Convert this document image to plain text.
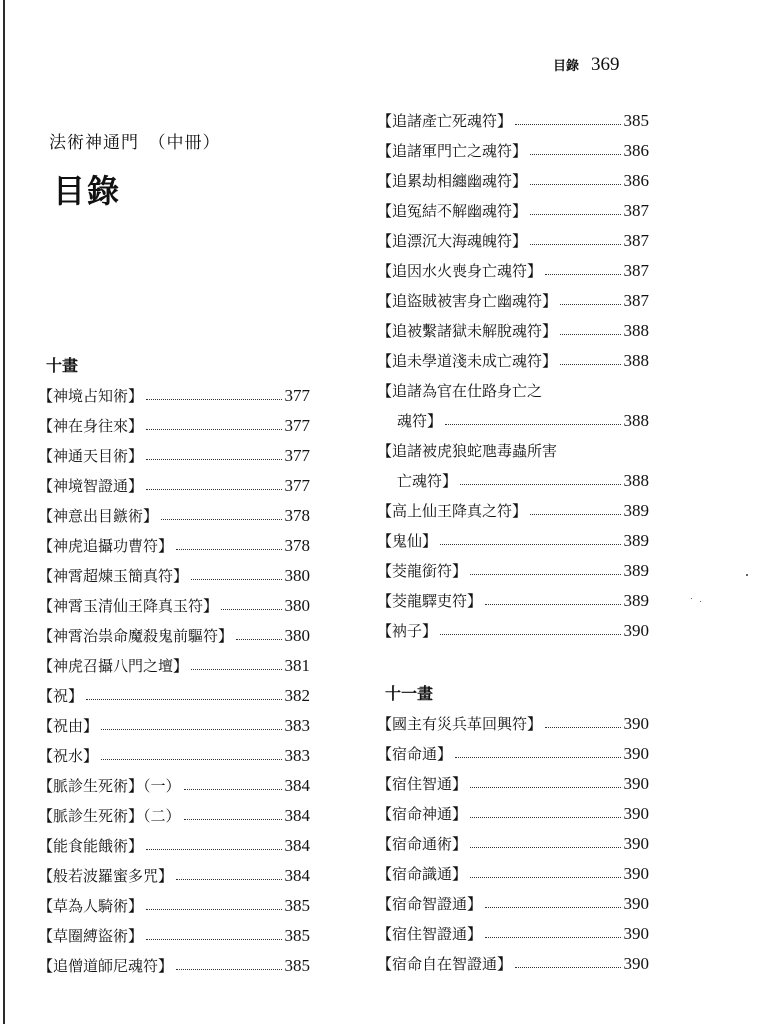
目錄 369
法術神通門　（中冊）
目錄
十畫
【神境占知術】	377
【神在身往來】	377
【神通天目術】	377
【神境智證通】	377
【神意出目鏃術】	378
【神虎追攝功曹符】	378
【神霄超煉玉簡真符】	380
【神霄玉清仙王降真玉符】	380
【神霄治祟命魔殺鬼前驅符】	380
【神虎召攝八門之壇】	381
【祝】	382
【祝由】	383
【祝水】	383
【脈診生死術】（一）	384
【脈診生死術】（二）	384
【能食能餓術】	384
【般若波羅蜜多咒】	384
【草為人騎術】	385
【草圈縛盜術】	385
【追僧道師尼魂符】	385
【追諸產亡死魂符】	385
【追諸軍門亡之魂符】	386
【追累劫相纏幽魂符】	386
【追冤結不解幽魂符】	387
【追漂沉大海魂魄符】	387
【追因水火喪身亡魂符】	387
【追盜賊被害身亡幽魂符】	387
【追被繫諸獄未解脫魂符】	388
【追未學道淺未成亡魂符】	388
【追諸為官在仕路身亡之
魂符】	388
【追諸被虎狼蛇虺毒蟲所害
亡魂符】	388
【高上仙王降真之符】	389
【鬼仙】	389
【茭龍銜符】	389
【茭龍驛吏符】	389
【衲子】	390
十一畫
【國主有災兵革回興符】	390
【宿命通】	390
【宿住智通】	390
【宿命神通】	390
【宿命通術】	390
【宿命識通】	390
【宿命智證通】	390
【宿住智證通】	390
【宿命自在智證通】	390
